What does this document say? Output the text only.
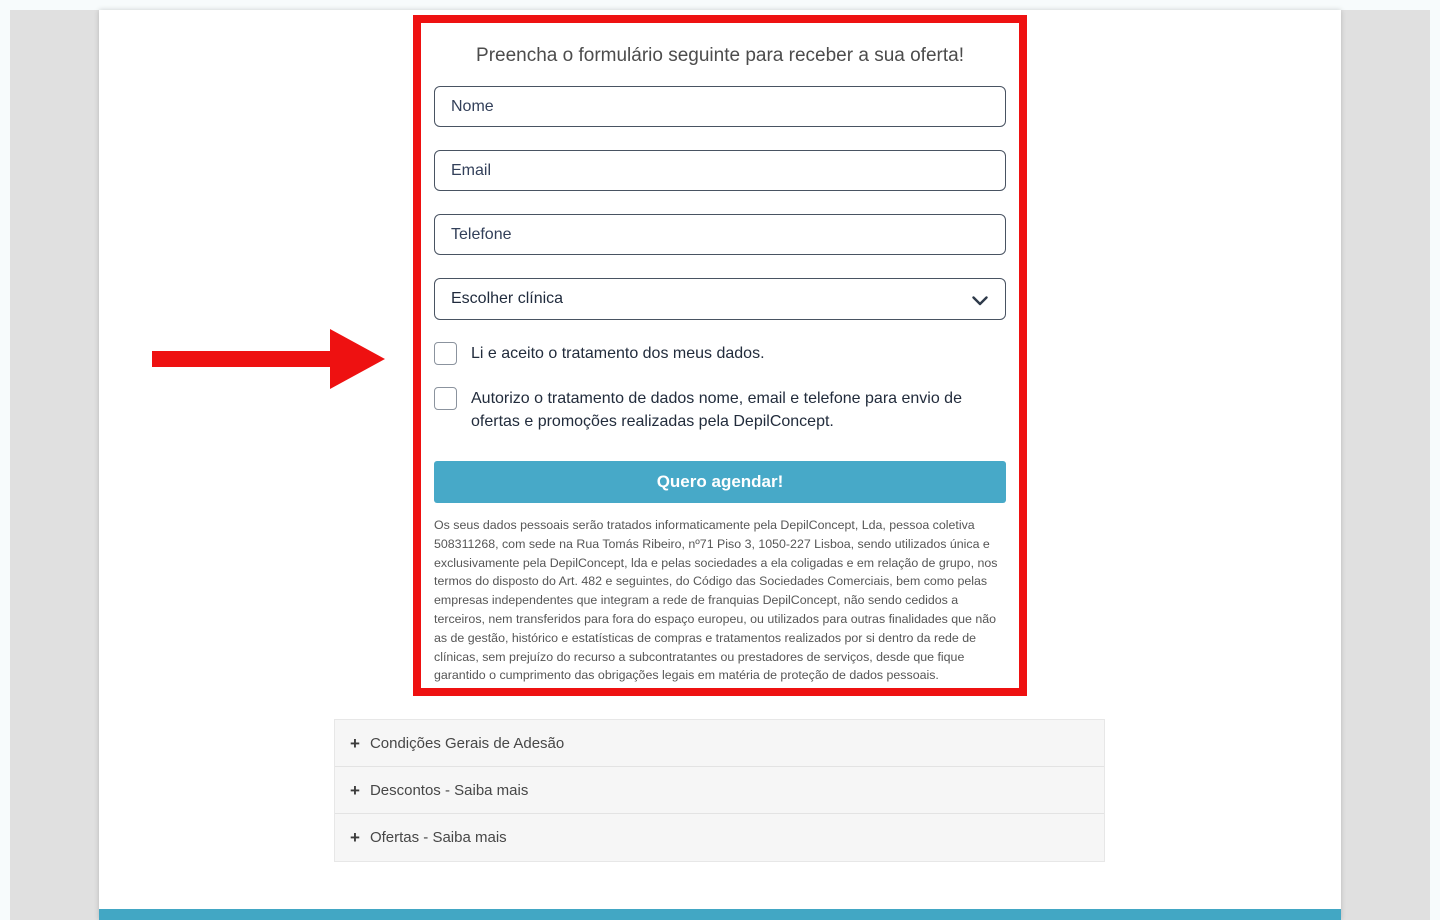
Preencha o formulário seguinte para receber a sua oferta!
Nome
Email
Telefone
Escolher clínica
Li e aceito o tratamento dos meus dados.
Autorizo o tratamento de dados nome, email e telefone para envio de ofertas e promoções realizadas pela DepilConcept.
Quero agendar!

Os seus dados pessoais serão tratados informaticamente pela DepilConcept, Lda, pessoa coletiva 508311268, com sede na Rua Tomás Ribeiro, nº71 Piso 3, 1050-227 Lisboa, sendo utilizados única e exclusivamente pela DepilConcept, lda e pelas sociedades a ela coligadas e em relação de grupo, nos termos do disposto do Art. 482 e seguintes, do Código das Sociedades Comerciais, bem como pelas empresas independentes que integram a rede de franquias DepilConcept, não sendo cedidos a terceiros, nem transferidos para fora do espaço europeu, ou utilizados para outras finalidades que não as de gestão, histórico e estatísticas de compras e tratamentos realizados por si dentro da rede de clínicas, sem prejuízo do recurso a subcontratantes ou prestadores de serviços, desde que fique garantido o cumprimento das obrigações legais em matéria de proteção de dados pessoais.

+ Condições Gerais de Adesão
+ Descontos - Saiba mais
+ Ofertas - Saiba mais
